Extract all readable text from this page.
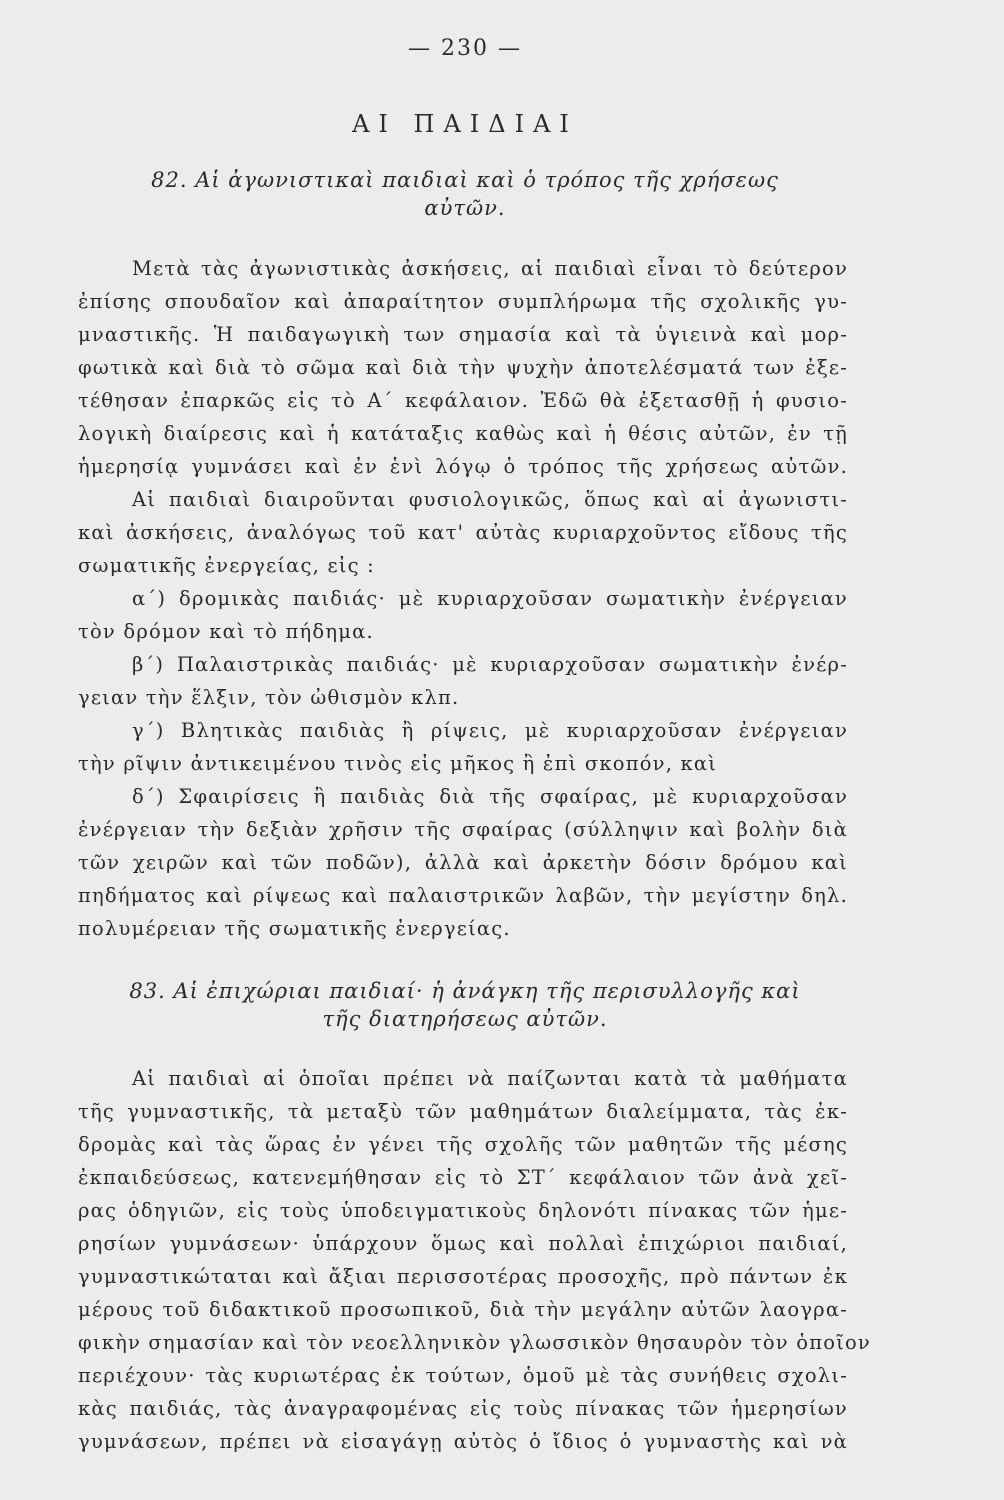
— 230 —
ΑΙ ΠΑΙΔΙΑΙ
82. Αἱ ἀγωνιστικαὶ παιδιαὶ καὶ ὁ τρόπος τῆς χρήσεως
αὐτῶν.
Μετὰ τὰς ἀγωνιστικὰς ἀσκήσεις, αἱ παιδιαὶ εἶναι τὸ δεύτερον
ἐπίσης σπουδαῖον καὶ ἀπαραίτητον συμπλήρωμα τῆς σχολικῆς γυ-
μναστικῆς. Ἡ παιδαγωγικὴ των σημασία καὶ τὰ ὑγιεινὰ καὶ μορ-
φωτικὰ καὶ διὰ τὸ σῶμα καὶ διὰ τὴν ψυχὴν ἀποτελέσματά των ἐξε-
τέθησαν ἐπαρκῶς εἰς τὸ Α΄ κεφάλαιον. Ἐδῶ θὰ ἐξετασθῇ ἡ φυσιο-
λογικὴ διαίρεσις καὶ ἡ κατάταξις καθὼς καὶ ἡ θέσις αὐτῶν, ἐν τῇ
ἡμερησίᾳ γυμνάσει καὶ ἐν ἑνὶ λόγῳ ὁ τρόπος τῆς χρήσεως αὐτῶν.
Αἱ παιδιαὶ διαιροῦνται φυσιολογικῶς, ὅπως καὶ αἱ ἀγωνιστι-
καὶ ἀσκήσεις, ἀναλόγως τοῦ κατ' αὐτὰς κυριαρχοῦντος εἴδους τῆς
σωματικῆς ἐνεργείας, εἰς :
α΄) δρομικὰς παιδιάς· μὲ κυριαρχοῦσαν σωματικὴν ἐνέργειαν
τὸν δρόμον καὶ τὸ πήδημα.
β΄) Παλαιστρικὰς παιδιάς· μὲ κυριαρχοῦσαν σωματικὴν ἐνέρ-
γειαν τὴν ἕλξιν, τὸν ὠθισμὸν κλπ.
γ΄) Βλητικὰς παιδιὰς ἢ ρίψεις, μὲ κυριαρχοῦσαν ἐνέργειαν
τὴν ρῖψιν ἀντικειμένου τινὸς εἰς μῆκος ἢ ἐπὶ σκοπόν, καὶ
δ΄) Σφαιρίσεις ἢ παιδιὰς διὰ τῆς σφαίρας, μὲ κυριαρχοῦσαν
ἐνέργειαν τὴν δεξιὰν χρῆσιν τῆς σφαίρας (σύλληψιν καὶ βολὴν διὰ
τῶν χειρῶν καὶ τῶν ποδῶν), ἀλλὰ καὶ ἀρκετὴν δόσιν δρόμου καὶ
πηδήματος καὶ ρίψεως καὶ παλαιστρικῶν λαβῶν, τὴν μεγίστην δηλ.
πολυμέρειαν τῆς σωματικῆς ἐνεργείας.
83. Αἱ ἐπιχώριαι παιδιαί· ἡ ἀνάγκη τῆς περισυλλογῆς καὶ
τῆς διατηρήσεως αὐτῶν.
Αἱ παιδιαὶ αἱ ὁποῖαι πρέπει νὰ παίζωνται κατὰ τὰ μαθήματα
τῆς γυμναστικῆς, τὰ μεταξὺ τῶν μαθημάτων διαλείμματα, τὰς ἐκ-
δρομὰς καὶ τὰς ὥρας ἐν γένει τῆς σχολῆς τῶν μαθητῶν τῆς μέσης
ἐκπαιδεύσεως, κατενεμήθησαν εἰς τὸ ΣΤ΄ κεφάλαιον τῶν ἀνὰ χεῖ-
ρας ὁδηγιῶν, εἰς τοὺς ὑποδειγματικοὺς δηλονότι πίνακας τῶν ἡμε-
ρησίων γυμνάσεων· ὑπάρχουν ὅμως καὶ πολλαὶ ἐπιχώριοι παιδιαί,
γυμναστικώταται καὶ ἄξιαι περισσοτέρας προσοχῆς, πρὸ πάντων ἐκ
μέρους τοῦ διδακτικοῦ προσωπικοῦ, διὰ τὴν μεγάλην αὐτῶν λαογρα-
φικὴν σημασίαν καὶ τὸν νεοελληνικὸν γλωσσικὸν θησαυρὸν τὸν ὁποῖον
περιέχουν· τὰς κυριωτέρας ἐκ τούτων, ὁμοῦ μὲ τὰς συνήθεις σχολι-
κὰς παιδιάς, τὰς ἀναγραφομένας εἰς τοὺς πίνακας τῶν ἡμερησίων
γυμνάσεων, πρέπει νὰ εἰσαγάγῃ αὐτὸς ὁ ἴδιος ὁ γυμναστὴς καὶ νὰ
